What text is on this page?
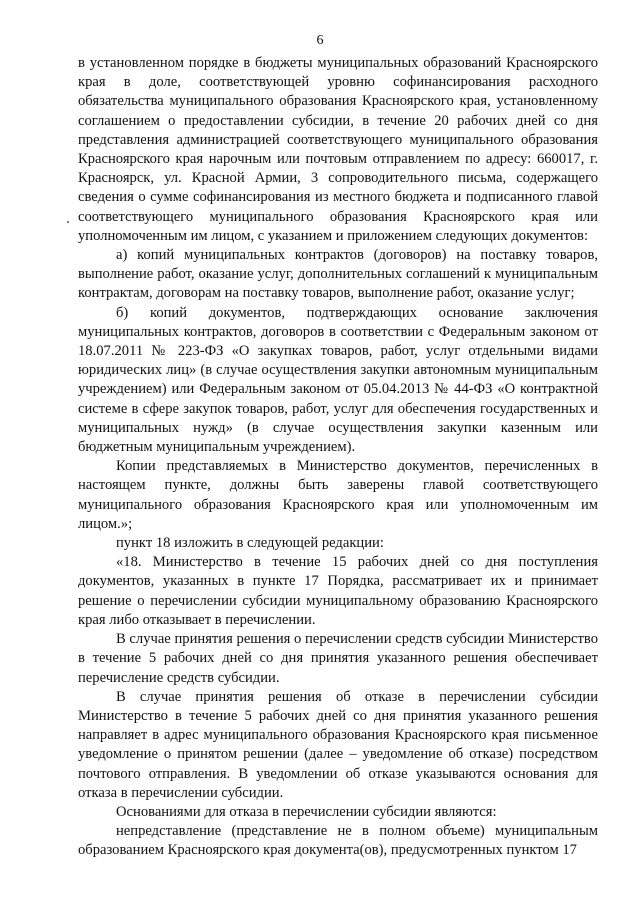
6

в установленном порядке в бюджеты муниципальных образований Красноярского края в доле, соответствующей уровню софинансирования расходного обязательства муниципального образования Красноярского края, установленному соглашением о предоставлении субсидии, в течение 20 рабочих дней со дня представления администрацией соответствующего муниципального образования Красноярского края нарочным или почтовым отправлением по адресу: 660017, г. Красноярск, ул. Красной Армии, 3 сопроводительного письма, содержащего сведения о сумме софинансирования из местного бюджета и подписанного главой соответствующего муниципального образования Красноярского края или уполномоченным им лицом, с указанием и приложением следующих документов:

а) копий муниципальных контрактов (договоров) на поставку товаров, выполнение работ, оказание услуг, дополнительных соглашений к муниципальным контрактам, договорам на поставку товаров, выполнение работ, оказание услуг;

б) копий документов, подтверждающих основание заключения муниципальных контрактов, договоров в соответствии с Федеральным законом от 18.07.2011 № 223-ФЗ «О закупках товаров, работ, услуг отдельными видами юридических лиц» (в случае осуществления закупки автономным муниципальным учреждением) или Федеральным законом от 05.04.2013 № 44-ФЗ «О контрактной системе в сфере закупок товаров, работ, услуг для обеспечения государственных и муниципальных нужд» (в случае осуществления закупки казенным или бюджетным муниципальным учреждением).

Копии представляемых в Министерство документов, перечисленных в настоящем пункте, должны быть заверены главой соответствующего муниципального образования Красноярского края или уполномоченным им лицом.»;

пункт 18 изложить в следующей редакции:

«18. Министерство в течение 15 рабочих дней со дня поступления документов, указанных в пункте 17 Порядка, рассматривает их и принимает решение о перечислении субсидии муниципальному образованию Красноярского края либо отказывает в перечислении.

В случае принятия решения о перечислении средств субсидии Министерство в течение 5 рабочих дней со дня принятия указанного решения обеспечивает перечисление средств субсидии.

В случае принятия решения об отказе в перечислении субсидии Министерство в течение 5 рабочих дней со дня принятия указанного решения направляет в адрес муниципального образования Красноярского края письменное уведомление о принятом решении (далее – уведомление об отказе) посредством почтового отправления. В уведомлении об отказе указываются основания для отказа в перечислении субсидии.

Основаниями для отказа в перечислении субсидии являются:

непредставление (представление не в полном объеме) муниципальным образованием Красноярского края документа(ов), предусмотренных пунктом 17
